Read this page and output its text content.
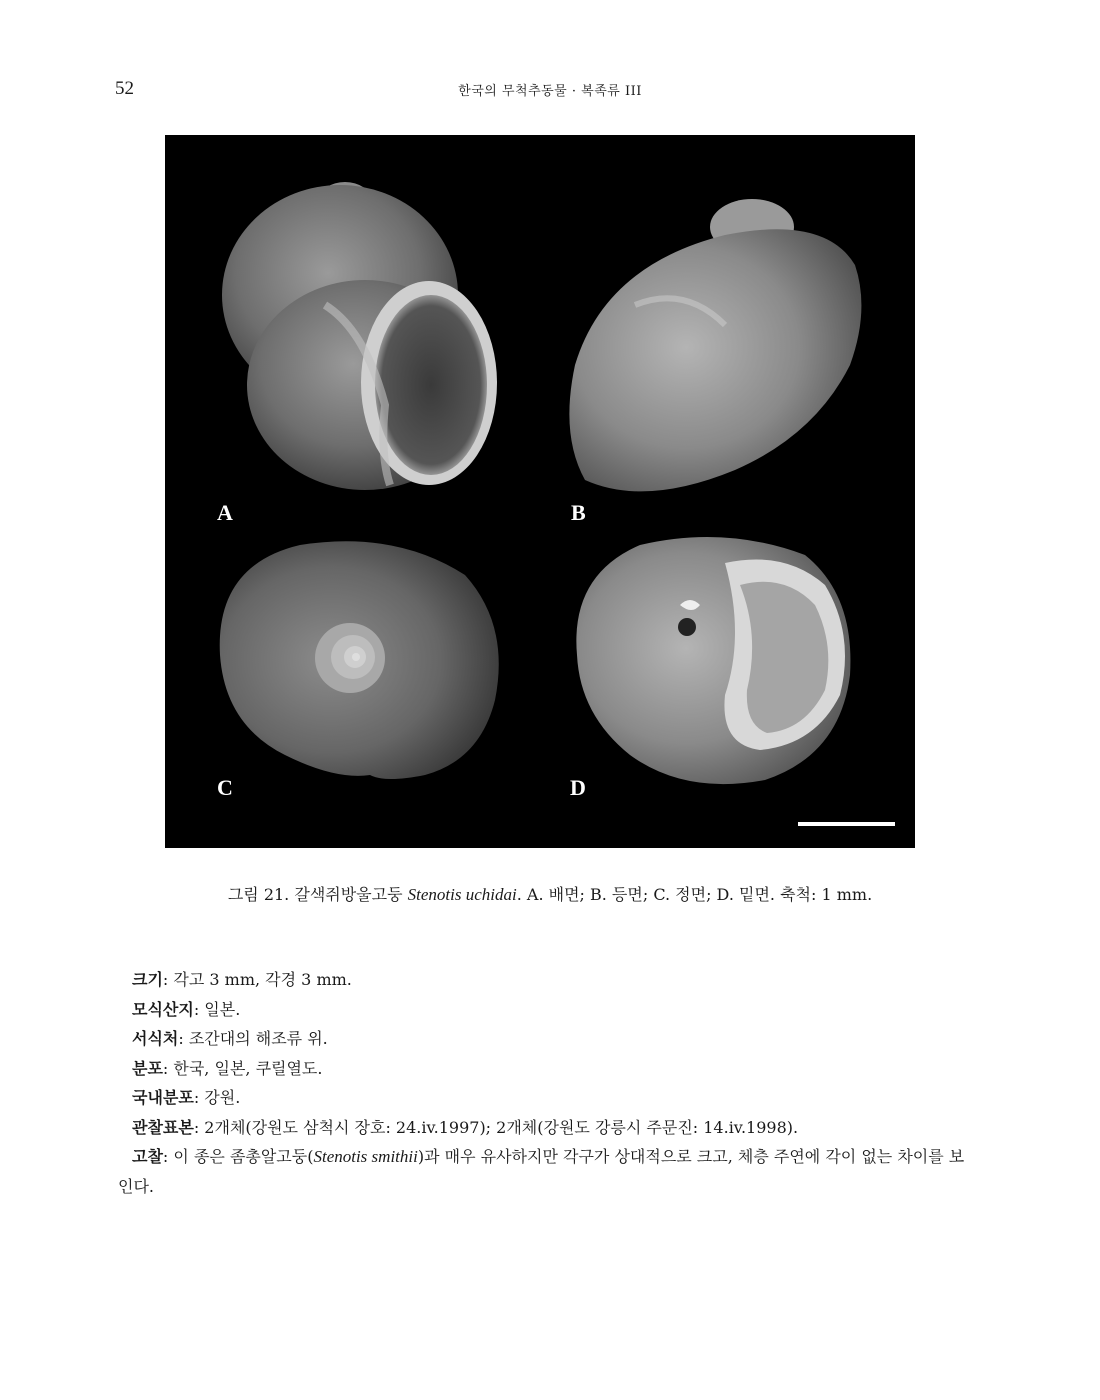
52	한국의 무척추동물 · 복족류 III
A	B
C	D
그림 21. 갈색쥐방울고둥 Stenotis uchidai. A. 배면; B. 등면; C. 정면; D. 밑면. 축척: 1 mm.

크기: 각고 3 mm, 각경 3 mm.

모식산지: 일본.

서식처: 조간대의 해조류 위.

분포: 한국, 일본, 쿠릴열도.

국내분포: 강원.

관찰표본: 2개체(강원도 삼척시 장호: 24.iv.1997); 2개체(강원도 강릉시 주문진: 14.iv.1998).

고찰: 이 종은 좀총알고둥(Stenotis smithii)과 매우 유사하지만 각구가 상대적으로 크고, 체층 주연에 각이 없는 차이를 보인다.
